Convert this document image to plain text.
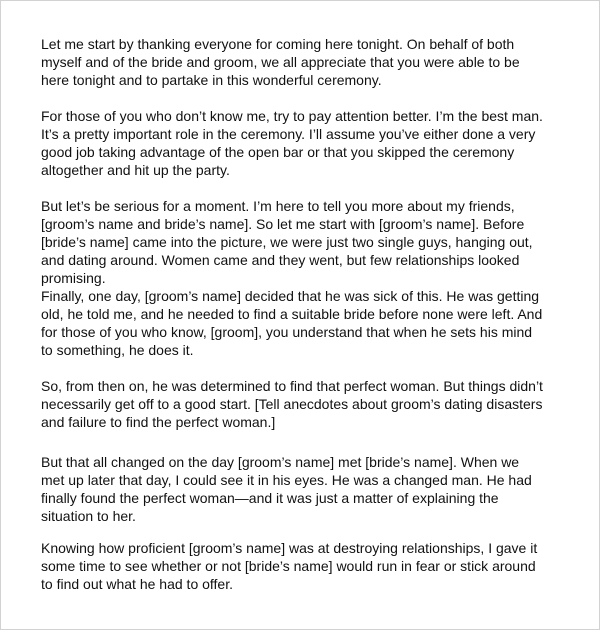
Let me start by thanking everyone for coming here tonight. On behalf of both
myself and of the bride and groom, we all appreciate that you were able to be
here tonight and to partake in this wonderful ceremony.

For those of you who don’t know me, try to pay attention better. I’m the best man.
It’s a pretty important role in the ceremony. I’ll assume you’ve either done a very
good job taking advantage of the open bar or that you skipped the ceremony
altogether and hit up the party.

But let’s be serious for a moment. I’m here to tell you more about my friends,
[groom’s name and bride’s name]. So let me start with [groom’s name]. Before
[bride’s name] came into the picture, we were just two single guys, hanging out,
and dating around. Women came and they went, but few relationships looked
promising.

Finally, one day, [groom’s name] decided that he was sick of this. He was getting
old, he told me, and he needed to find a suitable bride before none were left. And
for those of you who know, [groom], you understand that when he sets his mind
to something, he does it.

So, from then on, he was determined to find that perfect woman. But things didn’t
necessarily get off to a good start. [Tell anecdotes about groom’s dating disasters
and failure to find the perfect woman.]

But that all changed on the day [groom’s name] met [bride’s name]. When we
met up later that day, I could see it in his eyes. He was a changed man. He had
finally found the perfect woman—and it was just a matter of explaining the
situation to her.

Knowing how proficient [groom’s name] was at destroying relationships, I gave it
some time to see whether or not [bride’s name] would run in fear or stick around
to find out what he had to offer.
